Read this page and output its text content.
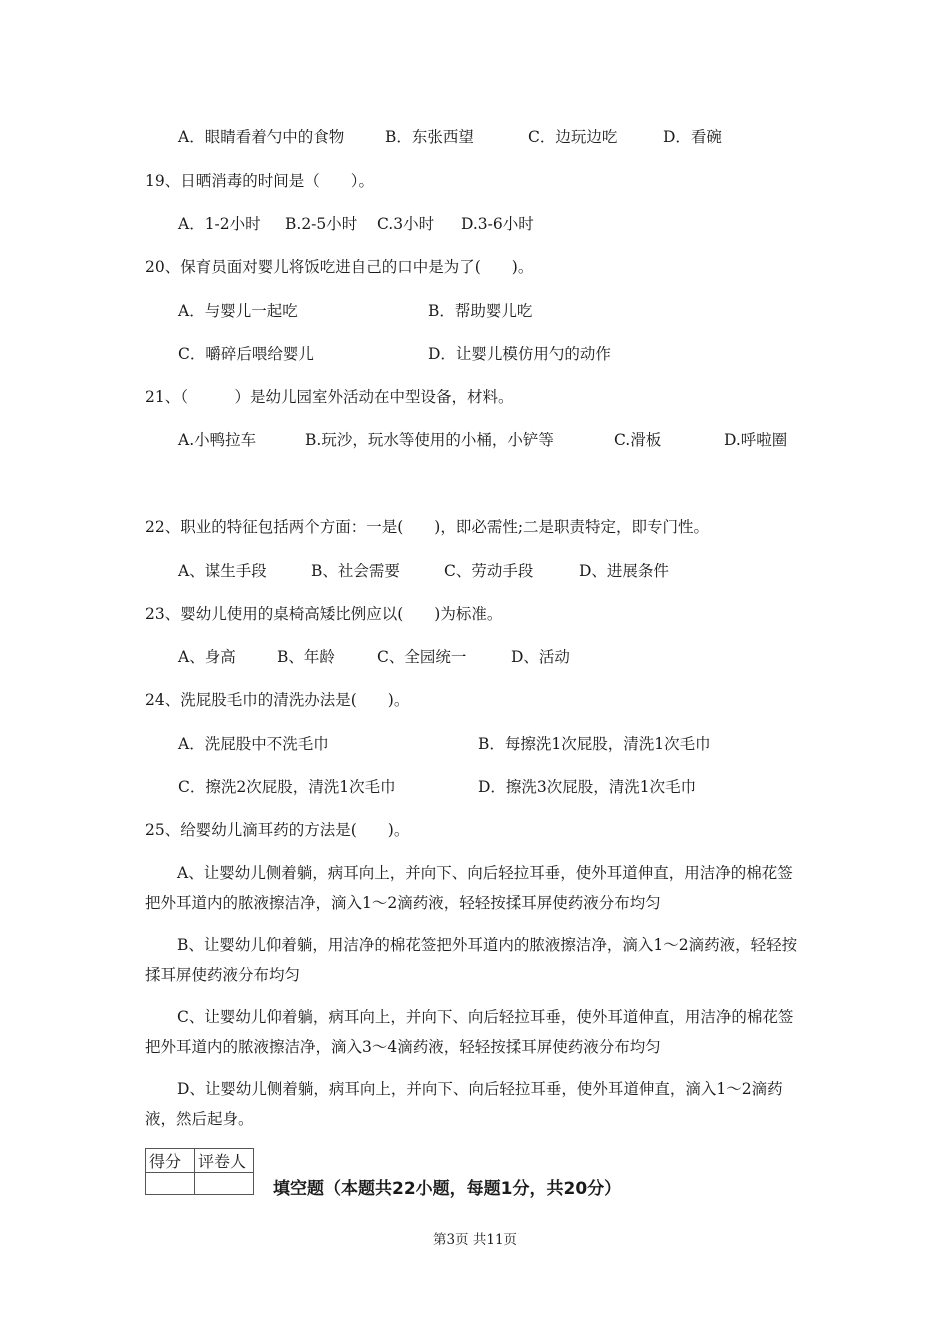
A．眼睛看着勺中的食物	B．东张西望	C．边玩边吃	D．看碗
19、日晒消毒的时间是（　　）。
A．1-2小时 B.2-5小时 C.3小时 D.3-6小时
20、保育员面对婴儿将饭吃进自己的口中是为了(　　)。
A．与婴儿一起吃	B．帮助婴儿吃
C．嚼碎后喂给婴儿	D．让婴儿模仿用勺的动作
21、（　　　）是幼儿园室外活动在中型设备，材料。
A.小鸭拉车	B.玩沙，玩水等使用的小桶，小铲等	C.滑板	D.呼啦圈
22、职业的特征包括两个方面：一是(　　)，即必需性;二是职责特定，即专门性。
A、谋生手段	B、社会需要	C、劳动手段	D、进展条件
23、婴幼儿使用的桌椅高矮比例应以(　　)为标准。
A、身高	B、年龄	C、全园统一	D、活动
24、洗屁股毛巾的清洗办法是(　　)。
A．洗屁股中不洗毛巾	B．每擦洗1次屁股，清洗1次毛巾
C．擦洗2次屁股，清洗1次毛巾	D．擦洗3次屁股，清洗1次毛巾
25、给婴幼儿滴耳药的方法是(　　)。
A、让婴幼儿侧着躺，病耳向上，并向下、向后轻拉耳垂，使外耳道伸直，用洁净的棉花签把外耳道内的脓液擦洁净，滴入1～2滴药液，轻轻按揉耳屏使药液分布均匀
B、让婴幼儿仰着躺，用洁净的棉花签把外耳道内的脓液擦洁净，滴入1～2滴药液，轻轻按揉耳屏使药液分布均匀
C、让婴幼儿仰着躺，病耳向上，并向下、向后轻拉耳垂，使外耳道伸直，用洁净的棉花签把外耳道内的脓液擦洁净，滴入3～4滴药液，轻轻按揉耳屏使药液分布均匀
D、让婴幼儿侧着躺，病耳向上，并向下、向后轻拉耳垂，使外耳道伸直，滴入1～2滴药液，然后起身。
得分	评卷人

填空题（本题共22小题，每题1分，共20分）
第3页 共11页
